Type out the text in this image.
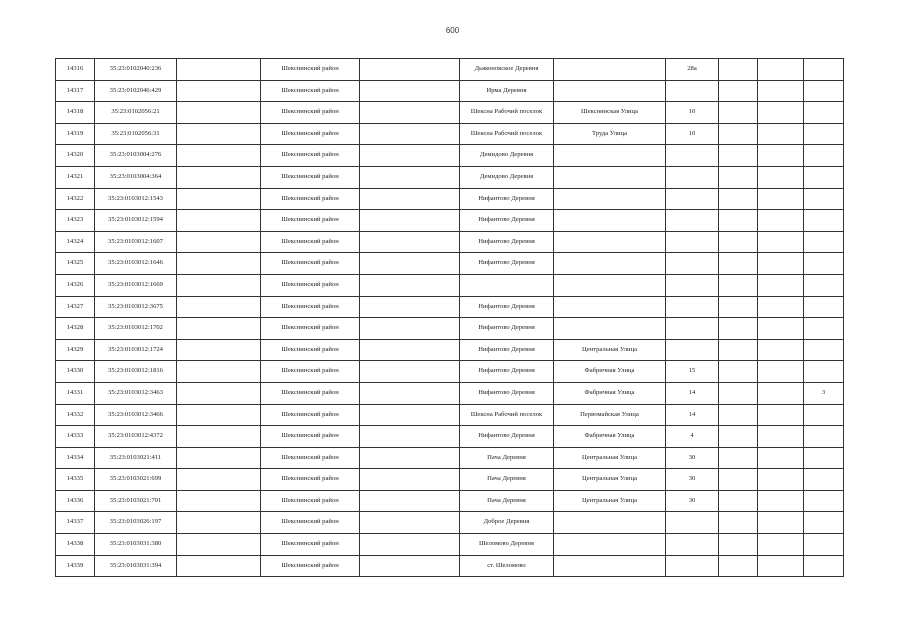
600
14316	35:23:0102040:236		Шекснинский район		Дьяконовское Деревня		28а			
14317	35:23:0102046:429		Шекснинский район		Ирма Деревня					
14318	35:23:0102056:21		Шекснинский район		Шексна Рабочий поселок	Шекснинская Улица	10			
14319	35:23:0102056:31		Шекснинский район		Шексна Рабочий поселок	Труда Улица	10			
14320	35:23:0103004:276		Шекснинский район		Демидово Деревня					
14321	35:23:0103004:364		Шекснинский район		Демидово Деревня					
14322	35:23:0103012:1543		Шекснинский район		Нифантово Деревня					
14323	35:23:0103012:1594		Шекснинский район		Нифантово Деревня					
14324	35:23:0103012:1607		Шекснинский район		Нифантово Деревня					
14325	35:23:0103012:1646		Шекснинский район		Нифантово Деревня					
14326	35:23:0103012:1669		Шекснинский район							
14327	35:23:0103012:3675		Шекснинский район		Нифантово Деревня					
14328	35:23:0103012:1702		Шекснинский район		Нифантово Деревня					
14329	35:23:0103012:1724		Шекснинский район		Нифантово Деревня	Центральная Улица				
14330	35:23:0103012:1816		Шекснинский район		Нифантово Деревня	Фабричная Улица	15			
14331	35:23:0103012:3463		Шекснинский район		Нифантово Деревня	Фабричная Улица	14			3
14332	35:23:0103012:3466		Шекснинский район		Шексна Рабочий поселок	Первомайская Улица	14			
14333	35:23:0103012:4372		Шекснинский район		Нифантово Деревня	Фабричная Улица	4			
14334	35:23:0103021:411		Шекснинский район		Пача Деревня	Центральная Улица	30			
14335	35:23:0103021:699		Шекснинский район		Пача Деревня	Центральная Улица	30			
14336	35:23:0103021:701		Шекснинский район		Пача Деревня	Центральная Улица	30			
14337	35:23:0103026:197		Шекснинский район		Доброе Деревня					
14338	35:23:0103031:380		Шекснинский район		Шеломово Деревня					
14339	35:23:0103031:394		Шекснинский район		ст. Шеломово					
